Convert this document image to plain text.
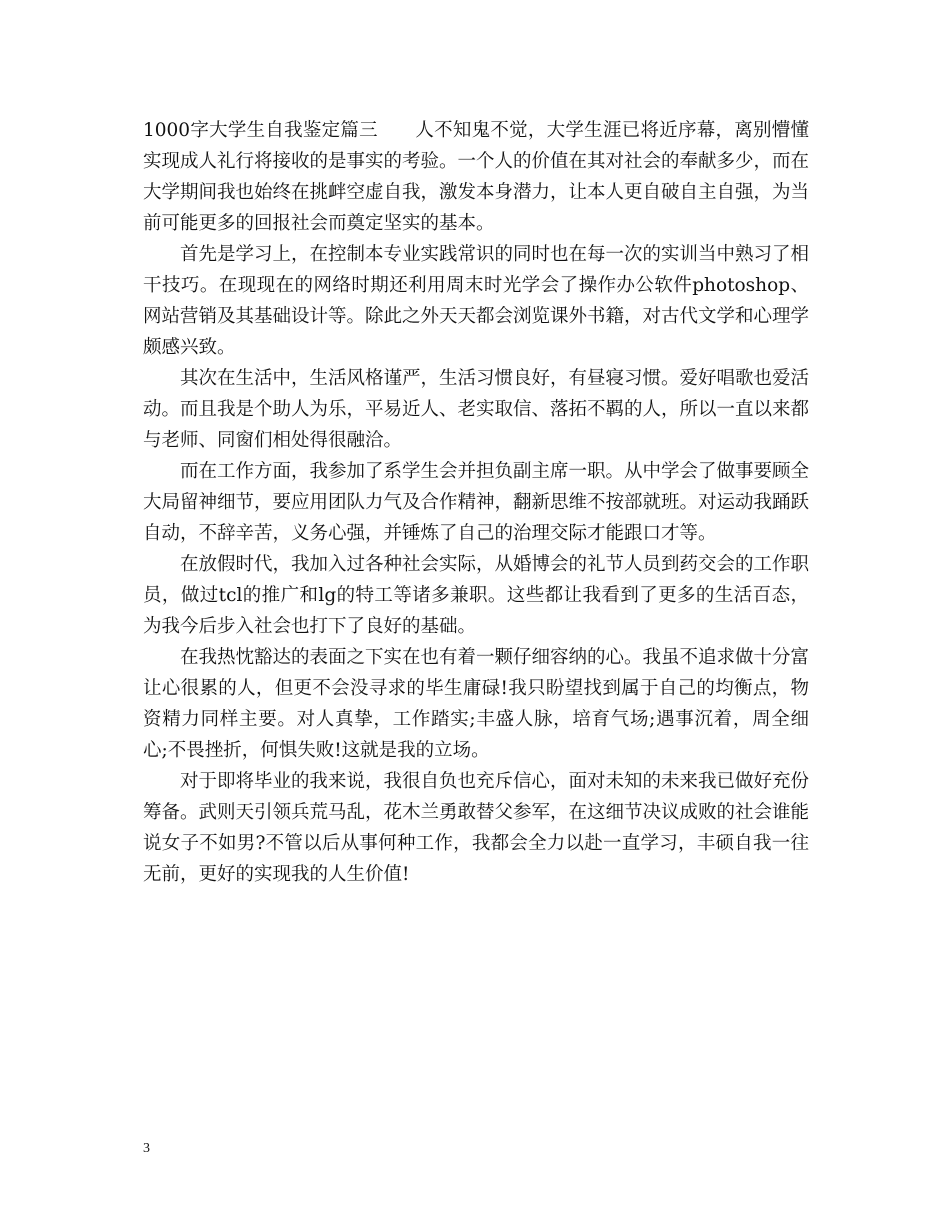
1000字大学生自我鉴定篇三　　人不知鬼不觉，大学生涯已将近序幕，离别懵懂实现成人礼行将接收的是事实的考验。一个人的价值在其对社会的奉献多少，而在大学期间我也始终在挑衅空虚自我，激发本身潜力，让本人更自破自主自强，为当前可能更多的回报社会而奠定坚实的基本。

首先是学习上，在控制本专业实践常识的同时也在每一次的实训当中熟习了相干技巧。在现现在的网络时期还利用周末时光学会了操作办公软件photoshop、网站营销及其基础设计等。除此之外天天都会浏览课外书籍，对古代文学和心理学颇感兴致。

其次在生活中，生活风格谨严，生活习惯良好，有昼寝习惯。爱好唱歌也爱活动。而且我是个助人为乐，平易近人、老实取信、落拓不羁的人，所以一直以来都与老师、同窗们相处得很融洽。

而在工作方面，我参加了系学生会并担负副主席一职。从中学会了做事要顾全大局留神细节，要应用团队力气及合作精神，翻新思维不按部就班。对运动我踊跃自动，不辞辛苦，义务心强，并锤炼了自己的治理交际才能跟口才等。

在放假时代，我加入过各种社会实际，从婚博会的礼节人员到药交会的工作职员，做过tcl的推广和lg的特工等诸多兼职。这些都让我看到了更多的生活百态，为我今后步入社会也打下了良好的基础。

在我热忱豁达的表面之下实在也有着一颗仔细容纳的心。我虽不追求做十分富让心很累的人，但更不会没寻求的毕生庸碌!我只盼望找到属于自己的均衡点，物资精力同样主要。对人真挚，工作踏实;丰盛人脉，培育气场;遇事沉着，周全细心;不畏挫折，何惧失败!这就是我的立场。

对于即将毕业的我来说，我很自负也充斥信心，面对未知的未来我已做好充份筹备。武则天引领兵荒马乱，花木兰勇敢替父参军，在这细节决议成败的社会谁能说女子不如男?不管以后从事何种工作，我都会全力以赴一直学习，丰硕自我一往无前，更好的实现我的人生价值!

3
